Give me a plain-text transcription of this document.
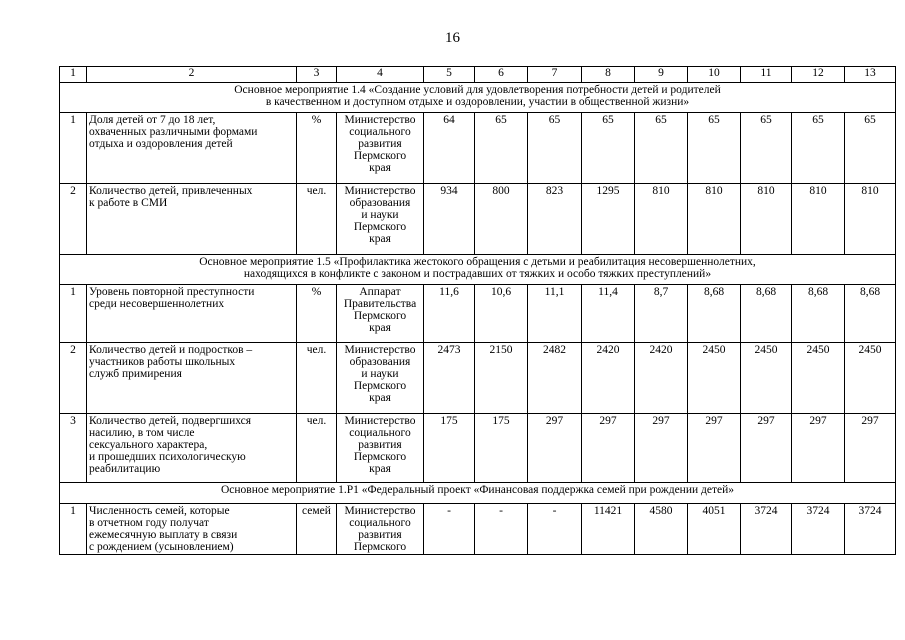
16
1	2	3	4	5	6	7	8	9	10	11	12	13

Основное мероприятие 1.4 «Создание условий для удовлетворения потребности детей и родителей
в качественном и доступном отдыхе и оздоровлении, участии в общественной жизни»												

1	Доля детей от 7 до 18 лет,
охваченных различными формами
отдыха и оздоровления детей	%	Министерство
социального
развития
Пермского
края	64	65	65	65	65	65	65	65	65
2	Количество детей, привлеченных
к работе в СМИ	чел.	Министерство
образования
и науки
Пермского
края	934	800	823	1295	810	810	810	810	810

Основное мероприятие 1.5 «Профилактика жестокого обращения с детьми и реабилитация несовершеннолетних,
находящихся в конфликте с законом и пострадавших от тяжких и особо тяжких преступлений»												

1	Уровень повторной преступности
среди несовершеннолетних	%	Аппарат
Правительства
Пермского
края	11,6	10,6	11,1	11,4	8,7	8,68	8,68	8,68	8,68
2	Количество детей и подростков –
участников работы школьных
служб примирения	чел.	Министерство
образования
и науки
Пермского
края	2473	2150	2482	2420	2420	2450	2450	2450	2450
3	Количество детей, подвергшихся
насилию, в том числе
сексуального характера,
и прошедших психологическую
реабилитацию	чел.	Министерство
социального
развития
Пермского
края	175	175	297	297	297	297	297	297	297

Основное мероприятие 1.Р1 «Федеральный проект «Финансовая поддержка семей при рождении детей»												

1	Численность семей, которые
в отчетном году получат
ежемесячную выплату в связи
с рождением (усыновлением)	семей	Министерство
социального
развития
Пермского	-	-	-	11421	4580	4051	3724	3724	3724
